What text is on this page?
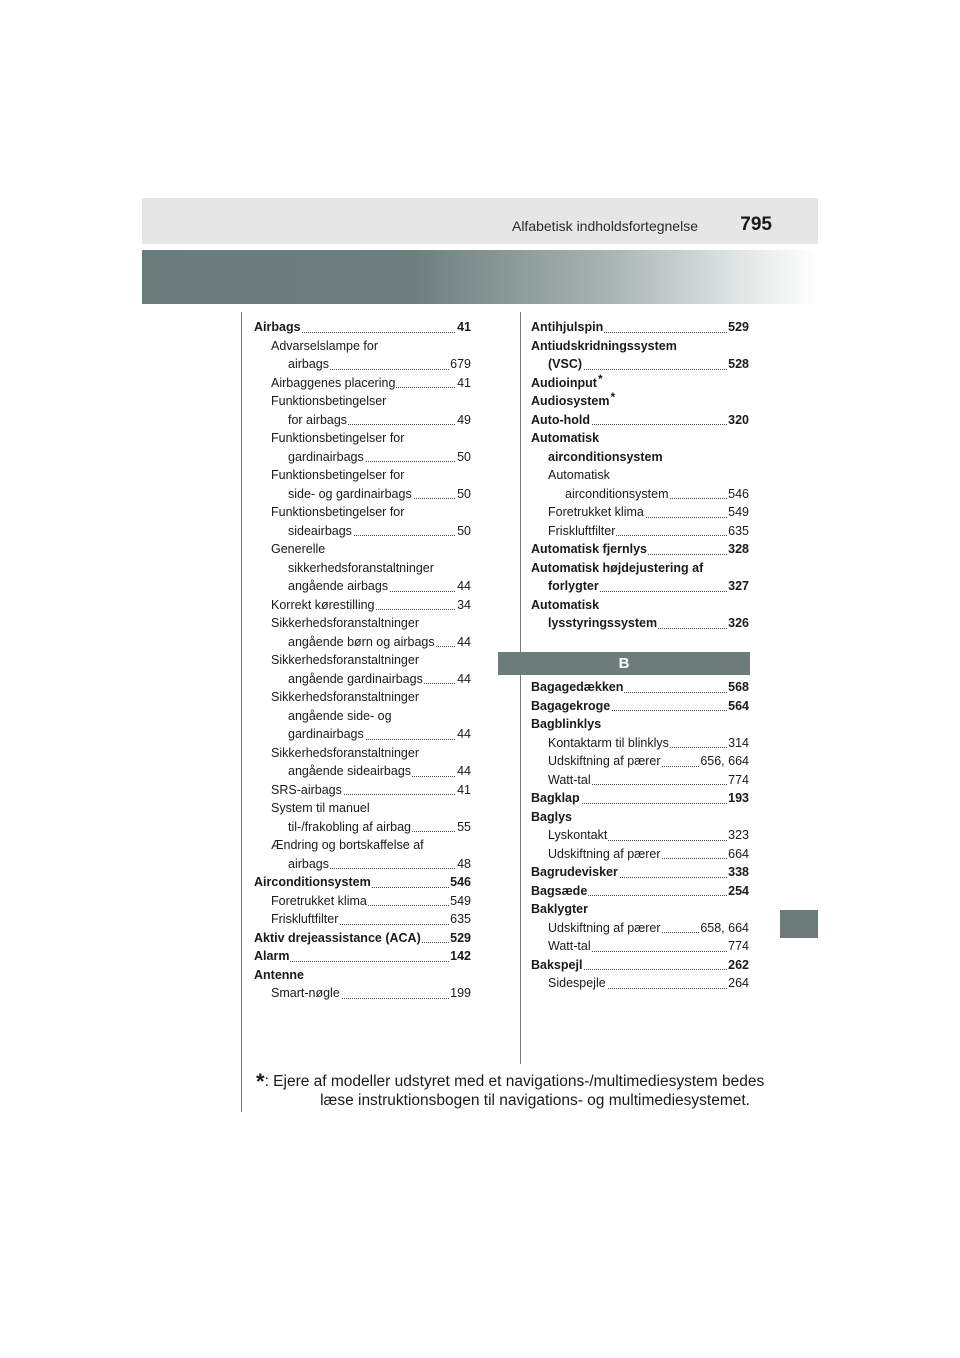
Alfabetisk indholdsfortegnelse 795
Airbags	41
Advarselslampe for
airbags	679
Airbaggenes placering	41
Funktionsbetingelser
for airbags	49
Funktionsbetingelser for
gardinairbags	50
Funktionsbetingelser for
side- og gardinairbags	50
Funktionsbetingelser for
sideairbags	50
Generelle
sikkerhedsforanstaltninger
angående airbags	44
Korrekt kørestilling	34
Sikkerhedsforanstaltninger
angående børn og airbags 44
Sikkerhedsforanstaltninger
angående gardinairbags	44
Sikkerhedsforanstaltninger
angående side- og
gardinairbags	44
Sikkerhedsforanstaltninger
angående sideairbags	44
SRS-airbags	41
System til manuel
til-/frakobling af airbag	55
Ændring og bortskaffelse af
airbags	48
Airconditionsystem	546
Foretrukket klima	549
Friskluftfilter	635
Aktiv drejeassistance (ACA) 529
Alarm	142
Antenne
Smart-nøgle	199
Antihjulspin	529
Antiudskridningssystem
(VSC)	528
Audioinput*
Audiosystem*
Auto-hold	320
Automatisk
airconditionsystem
Automatisk
airconditionsystem	546
Foretrukket klima	549
Friskluftfilter	635
Automatisk fjernlys	328
Automatisk højdejustering af
forlygter	327
Automatisk
lysstyringssystem	326
B
Bagagedækken	568
Bagagekroge	564
Bagblinklys
Kontaktarm til blinklys	314
Udskiftning af pærer	656, 664
Watt-tal	774
Bagklap	193
Baglys
Lyskontakt	323
Udskiftning af pærer	664
Bagrudevisker	338
Bagsæde	254
Baklygter
Udskiftning af pærer	658, 664
Watt-tal	774
Bakspejl	262
Sidespejle	264
*: Ejere af modeller udstyret med et navigations-/multimediesystem bedes
læse instruktionsbogen til navigations- og multimediesystemet.
